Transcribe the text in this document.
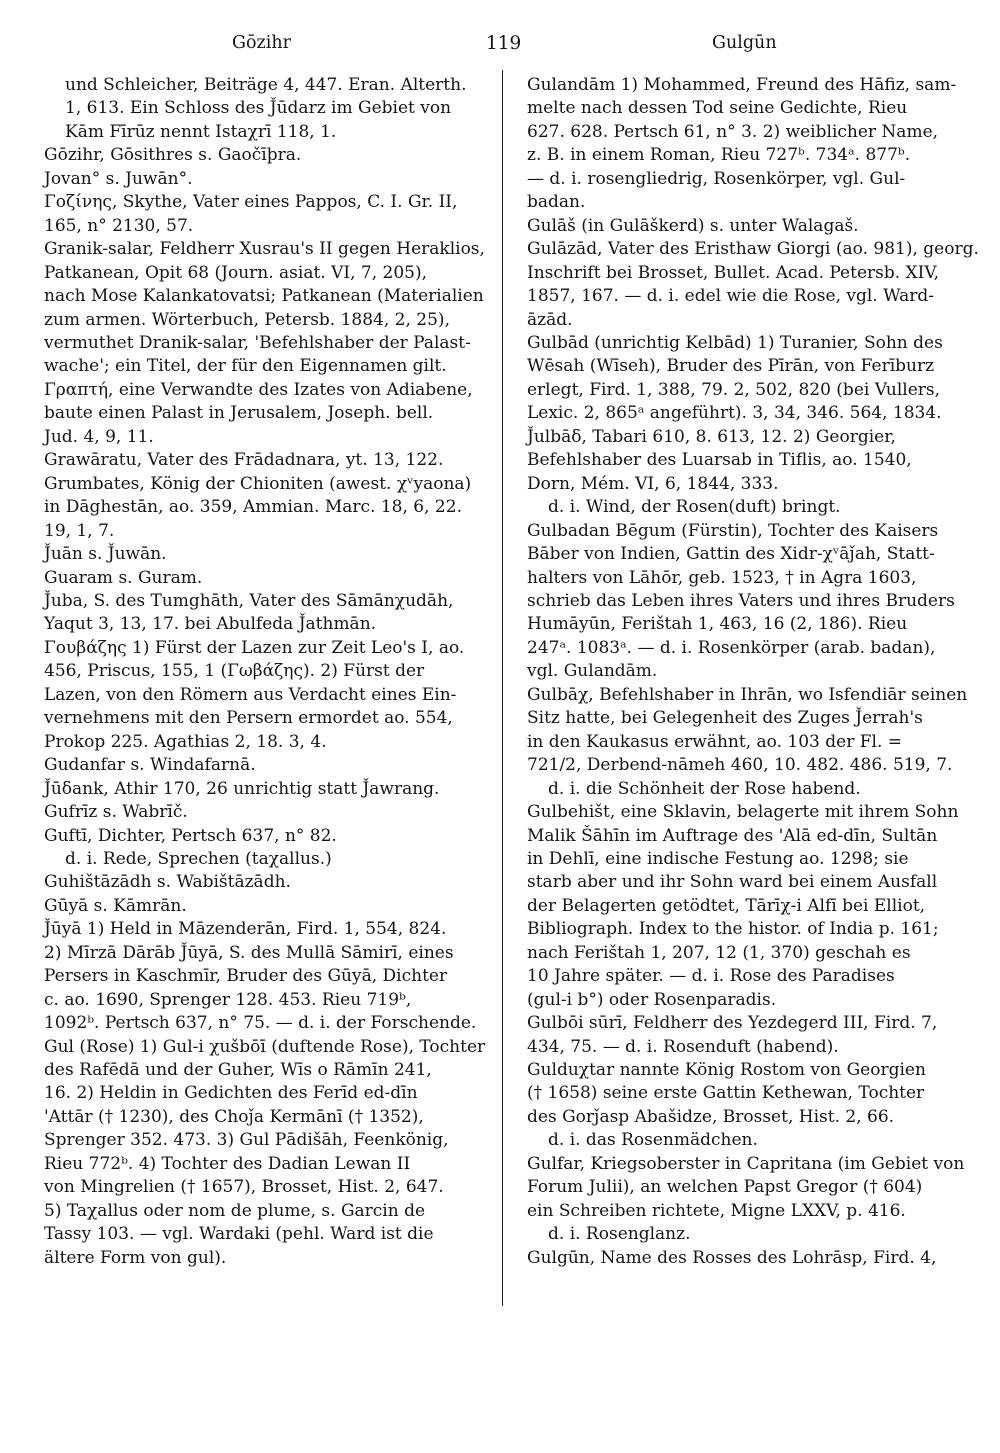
Gōzihr	119	Gulgūn
und Schleicher, Beiträge 4, 447. Eran. Alterth.
1, 613. Ein Schloss des J̌ūdarz im Gebiet von
Kām Fīrūz nennt Istaχrī 118, 1.
Gōzihr, Gōsithres s. Gaočīþra.
Jovan° s. Juwān°.
Γοζίνης, Skythe, Vater eines Pappos, C. I. Gr. II,
165, n° 2130, 57.
Granik-salar, Feldherr Xusrau's II gegen Heraklios,
Patkanean, Opit 68 (Journ. asiat. VI, 7, 205),
nach Mose Kalankatovatsi; Patkanean (Materialien
zum armen. Wörterbuch, Petersb. 1884, 2, 25),
vermuthet Dranik-salar, 'Befehlshaber der Palast-
wache'; ein Titel, der für den Eigennamen gilt.
Γραπτή, eine Verwandte des Izates von Adiabene,
baute einen Palast in Jerusalem, Joseph. bell.
Jud. 4, 9, 11.
Grawāratu, Vater des Frādadnara, yt. 13, 122.
Grumbates, König der Chioniten (awest. χᵛyaona)
in Dāghestān, ao. 359, Ammian. Marc. 18, 6, 22.
19, 1, 7.
J̌uān s. J̌uwān.
Guaram s. Guram.
J̌uba, S. des Tumghāth, Vater des Sāmānχudāh,
Yaqut 3, 13, 17. bei Abulfeda J̌athmān.
Γουβάζης 1) Fürst der Lazen zur Zeit Leo's I, ao.
456, Priscus, 155, 1 (Γωβάζης). 2) Fürst der
Lazen, von den Römern aus Verdacht eines Ein-
vernehmens mit den Persern ermordet ao. 554,
Prokop 225. Agathias 2, 18. 3, 4.
Gudanfar s. Windafarnā.
J̌ūδank, Athir 170, 26 unrichtig statt J̌awrang.
Gufrīz s. Wabrīč.
Guftī, Dichter, Pertsch 637, n° 82.
d. i. Rede, Sprechen (taχallus.)
Guhištāzādh s. Wabištāzādh.
Gūyā s. Kāmrān.
J̌ūyā 1) Held in Māzenderān, Fird. 1, 554, 824.
2) Mīrzā Dārāb J̌ūyā, S. des Mullā Sāmirī, eines
Persers in Kaschmīr, Bruder des Gūyā, Dichter
c. ao. 1690, Sprenger 128. 453. Rieu 719ᵇ,
1092ᵇ. Pertsch 637, n° 75. — d. i. der Forschende.
Gul (Rose) 1) Gul-i χušbōī (duftende Rose), Tochter
des Rafēdā und der Guher, Wīs o Rāmīn 241,
16. 2) Heldin in Gedichten des Ferīd ed-dīn
'Attār († 1230), des Choǰa Kermānī († 1352),
Sprenger 352. 473. 3) Gul Pādišāh, Feenkönig,
Rieu 772ᵇ. 4) Tochter des Dadian Lewan II
von Mingrelien († 1657), Brosset, Hist. 2, 647.
5) Taχallus oder nom de plume, s. Garcin de
Tassy 103. — vgl. Wardaki (pehl. Ward ist die
ältere Form von gul).
Gulandām 1) Mohammed, Freund des Hāfiz, sam-
melte nach dessen Tod seine Gedichte, Rieu
627. 628. Pertsch 61, n° 3. 2) weiblicher Name,
z. B. in einem Roman, Rieu 727ᵇ. 734ᵃ. 877ᵇ.
— d. i. rosengliedrig, Rosenkörper, vgl. Gul-
badan.
Gulāš (in Gulāškerd) s. unter Walagaš.
Gulāzād, Vater des Eristhaw Giorgi (ao. 981), georg.
Inschrift bei Brosset, Bullet. Acad. Petersb. XIV,
1857, 167. — d. i. edel wie die Rose, vgl. Ward-
āzād.
Gulbād (unrichtig Kelbād) 1) Turanier, Sohn des
Wēsah (Wīseh), Bruder des Pīrān, von Ferīburz
erlegt, Fird. 1, 388, 79. 2, 502, 820 (bei Vullers,
Lexic. 2, 865ᵃ angeführt). 3, 34, 346. 564, 1834.
J̌ulbāδ, Tabari 610, 8. 613, 12. 2) Georgier,
Befehlshaber des Luarsab in Tiflis, ao. 1540,
Dorn, Mém. VI, 6, 1844, 333.
d. i. Wind, der Rosen(duft) bringt.
Gulbadan Bēgum (Fürstin), Tochter des Kaisers
Bāber von Indien, Gattin des Xidr-χᵛāǰah, Statt-
halters von Lāhōr, geb. 1523, † in Agra 1603,
schrieb das Leben ihres Vaters und ihres Bruders
Humāyūn, Ferištah 1, 463, 16 (2, 186). Rieu
247ᵃ. 1083ᵃ. — d. i. Rosenkörper (arab. badan),
vgl. Gulandām.
Gulbāχ, Befehlshaber in Ihrān, wo Isfendiār seinen
Sitz hatte, bei Gelegenheit des Zuges J̌errah's
in den Kaukasus erwähnt, ao. 103 der Fl. =
721/2, Derbend-nāmeh 460, 10. 482. 486. 519, 7.
d. i. die Schönheit der Rose habend.
Gulbehišt, eine Sklavin, belagerte mit ihrem Sohn
Malik Šāhīn im Auftrage des 'Alā ed-dīn, Sultān
in Dehlī, eine indische Festung ao. 1298; sie
starb aber und ihr Sohn ward bei einem Ausfall
der Belagerten getödtet, Tārīχ-i Alfī bei Elliot,
Bibliograph. Index to the histor. of India p. 161;
nach Ferištah 1, 207, 12 (1, 370) geschah es
10 Jahre später. — d. i. Rose des Paradises
(gul-i b°) oder Rosenparadis.
Gulbōi sūrī, Feldherr des Yezdegerd III, Fird. 7,
434, 75. — d. i. Rosenduft (habend).
Gulduχtar nannte König Rostom von Georgien
(† 1658) seine erste Gattin Kethewan, Tochter
des Gorǰasp Abašidze, Brosset, Hist. 2, 66.
d. i. das Rosenmädchen.
Gulfar, Kriegsoberster in Capritana (im Gebiet von
Forum Julii), an welchen Papst Gregor († 604)
ein Schreiben richtete, Migne LXXV, p. 416.
d. i. Rosenglanz.
Gulgūn, Name des Rosses des Lohrāsp, Fird. 4,
